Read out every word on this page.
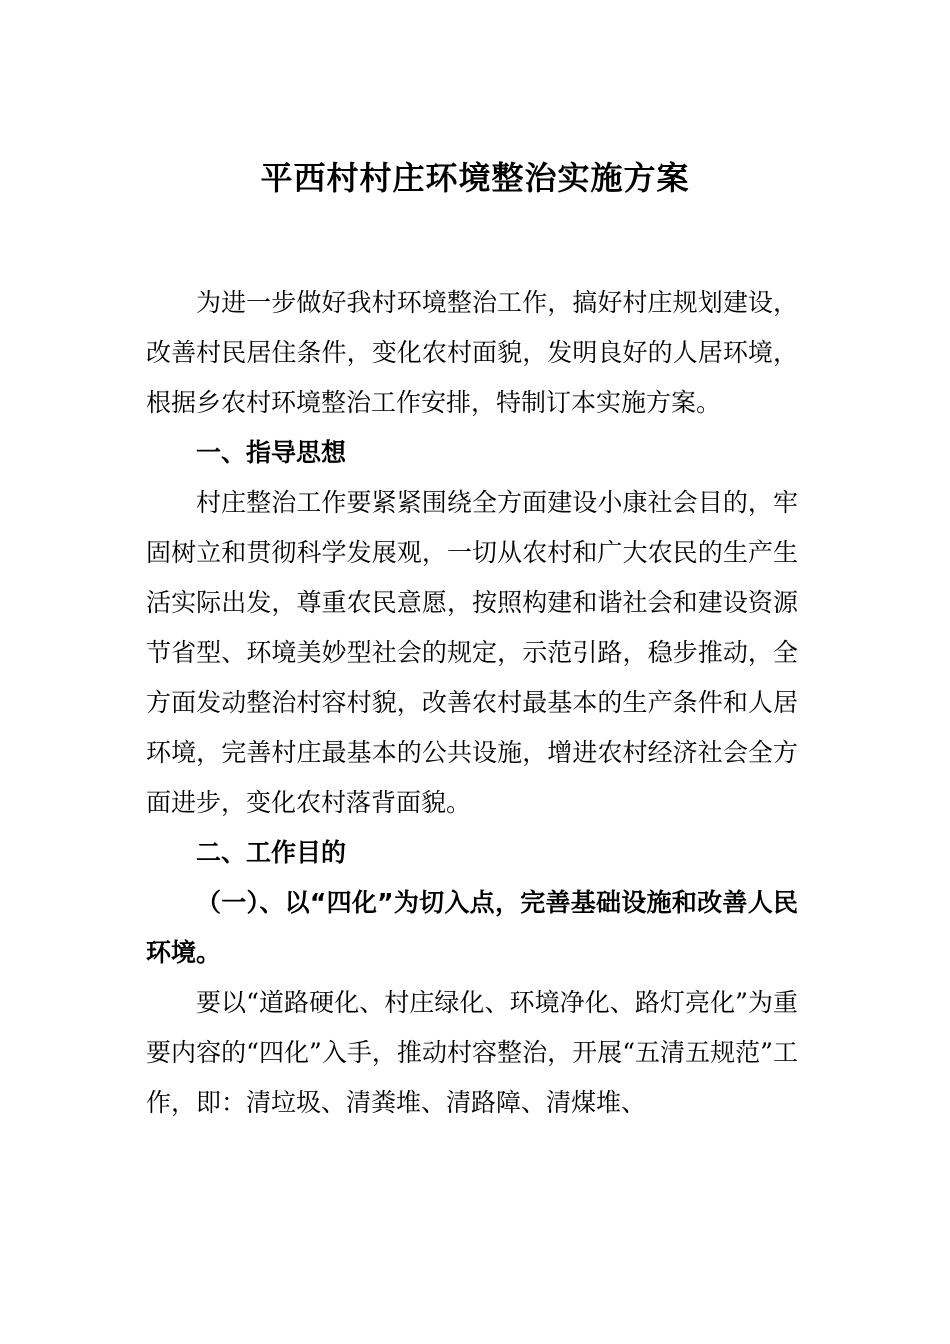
平西村村庄环境整治实施方案

为进一步做好我村环境整治工作，搞好村庄规划建设，改善村民居住条件，变化农村面貌，发明良好的人居环境，根据乡农村环境整治工作安排，特制订本实施方案。

一、指导思想

村庄整治工作要紧紧围绕全方面建设小康社会目的，牢固树立和贯彻科学发展观，一切从农村和广大农民的生产生活实际出发，尊重农民意愿，按照构建和谐社会和建设资源节省型、环境美妙型社会的规定，示范引路，稳步推动，全方面发动整治村容村貌，改善农村最基本的生产条件和人居环境，完善村庄最基本的公共设施，增进农村经济社会全方面进步，变化农村落背面貌。

二、工作目的

（一）、以“四化”为切入点，完善基础设施和改善人民环境。

要以“道路硬化、村庄绿化、环境净化、路灯亮化”为重要内容的“四化”入手，推动村容整治，开展“五清五规范”工作，即：清垃圾、清粪堆、清路障、清煤堆、
